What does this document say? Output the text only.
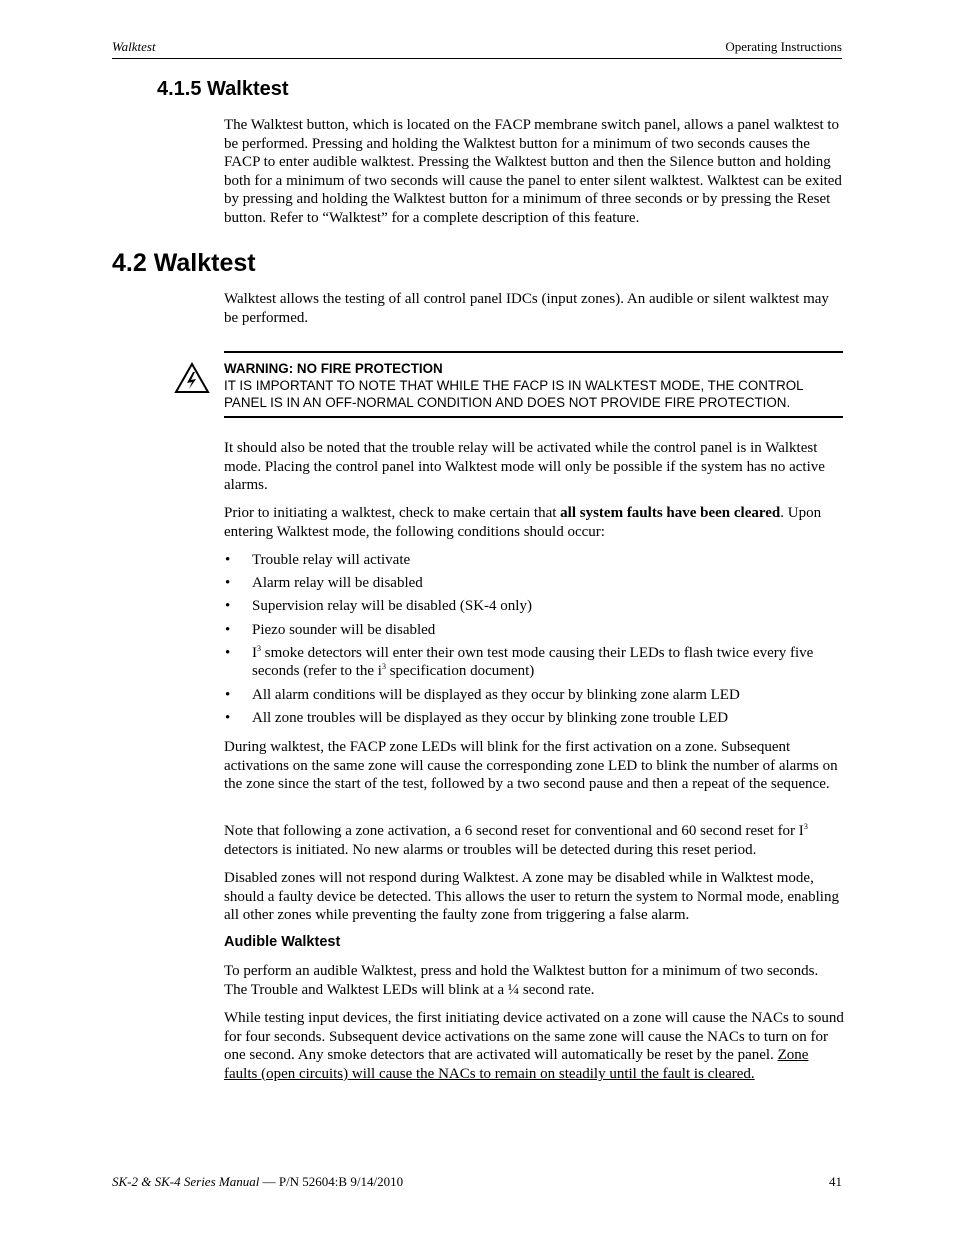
Walktest	Operating Instructions
4.1.5 Walktest

The Walktest button, which is located on the FACP membrane switch panel, allows a panel walktest to be performed. Pressing and holding the Walktest button for a minimum of two seconds causes the FACP to enter audible walktest. Pressing the Walktest button and then the Silence button and holding both for a minimum of two seconds will cause the panel to enter silent walktest. Walktest can be exited by pressing and holding the Walktest button for a minimum of three seconds or by pressing the Reset button. Refer to “Walktest” for a complete description of this feature.

4.2 Walktest

Walktest allows the testing of all control panel IDCs (input zones). An audible or silent walktest may be performed.

WARNING: NO FIRE PROTECTION
IT IS IMPORTANT TO NOTE THAT WHILE THE FACP IS IN WALKTEST MODE, THE CONTROL PANEL IS IN AN OFF-NORMAL CONDITION AND DOES NOT PROVIDE FIRE PROTECTION.

It should also be noted that the trouble relay will be activated while the control panel is in Walktest mode. Placing the control panel into Walktest mode will only be possible if the system has no active alarms.

Prior to initiating a walktest, check to make certain that all system faults have been cleared. Upon entering Walktest mode, the following conditions should occur:

• Trouble relay will activate
• Alarm relay will be disabled
• Supervision relay will be disabled (SK-4 only)
• Piezo sounder will be disabled
• $I^3$ smoke detectors will enter their own test mode causing their LEDs to flash twice every five seconds (refer to the $i^3$ specification document)
• All alarm conditions will be displayed as they occur by blinking zone alarm LED
• All zone troubles will be displayed as they occur by blinking zone trouble LED

During walktest, the FACP zone LEDs will blink for the first activation on a zone. Subsequent activations on the same zone will cause the corresponding zone LED to blink the number of alarms on the zone since the start of the test, followed by a two second pause and then a repeat of the sequence.

Note that following a zone activation, a 6 second reset for conventional and 60 second reset for $I^3$ detectors is initiated. No new alarms or troubles will be detected during this reset period.

Disabled zones will not respond during Walktest. A zone may be disabled while in Walktest mode, should a faulty device be detected. This allows the user to return the system to Normal mode, enabling all other zones while preventing the faulty zone from triggering a false alarm.

Audible Walktest

To perform an audible Walktest, press and hold the Walktest button for a minimum of two seconds. The Trouble and Walktest LEDs will blink at a ¼ second rate.

While testing input devices, the first initiating device activated on a zone will cause the NACs to sound for four seconds. Subsequent device activations on the same zone will cause the NACs to turn on for one second. Any smoke detectors that are activated will automatically be reset by the panel. Zone faults (open circuits) will cause the NACs to remain on steadily until the fault is cleared.

SK-2 & SK-4 Series Manual — P/N 52604:B 9/14/2010	41
